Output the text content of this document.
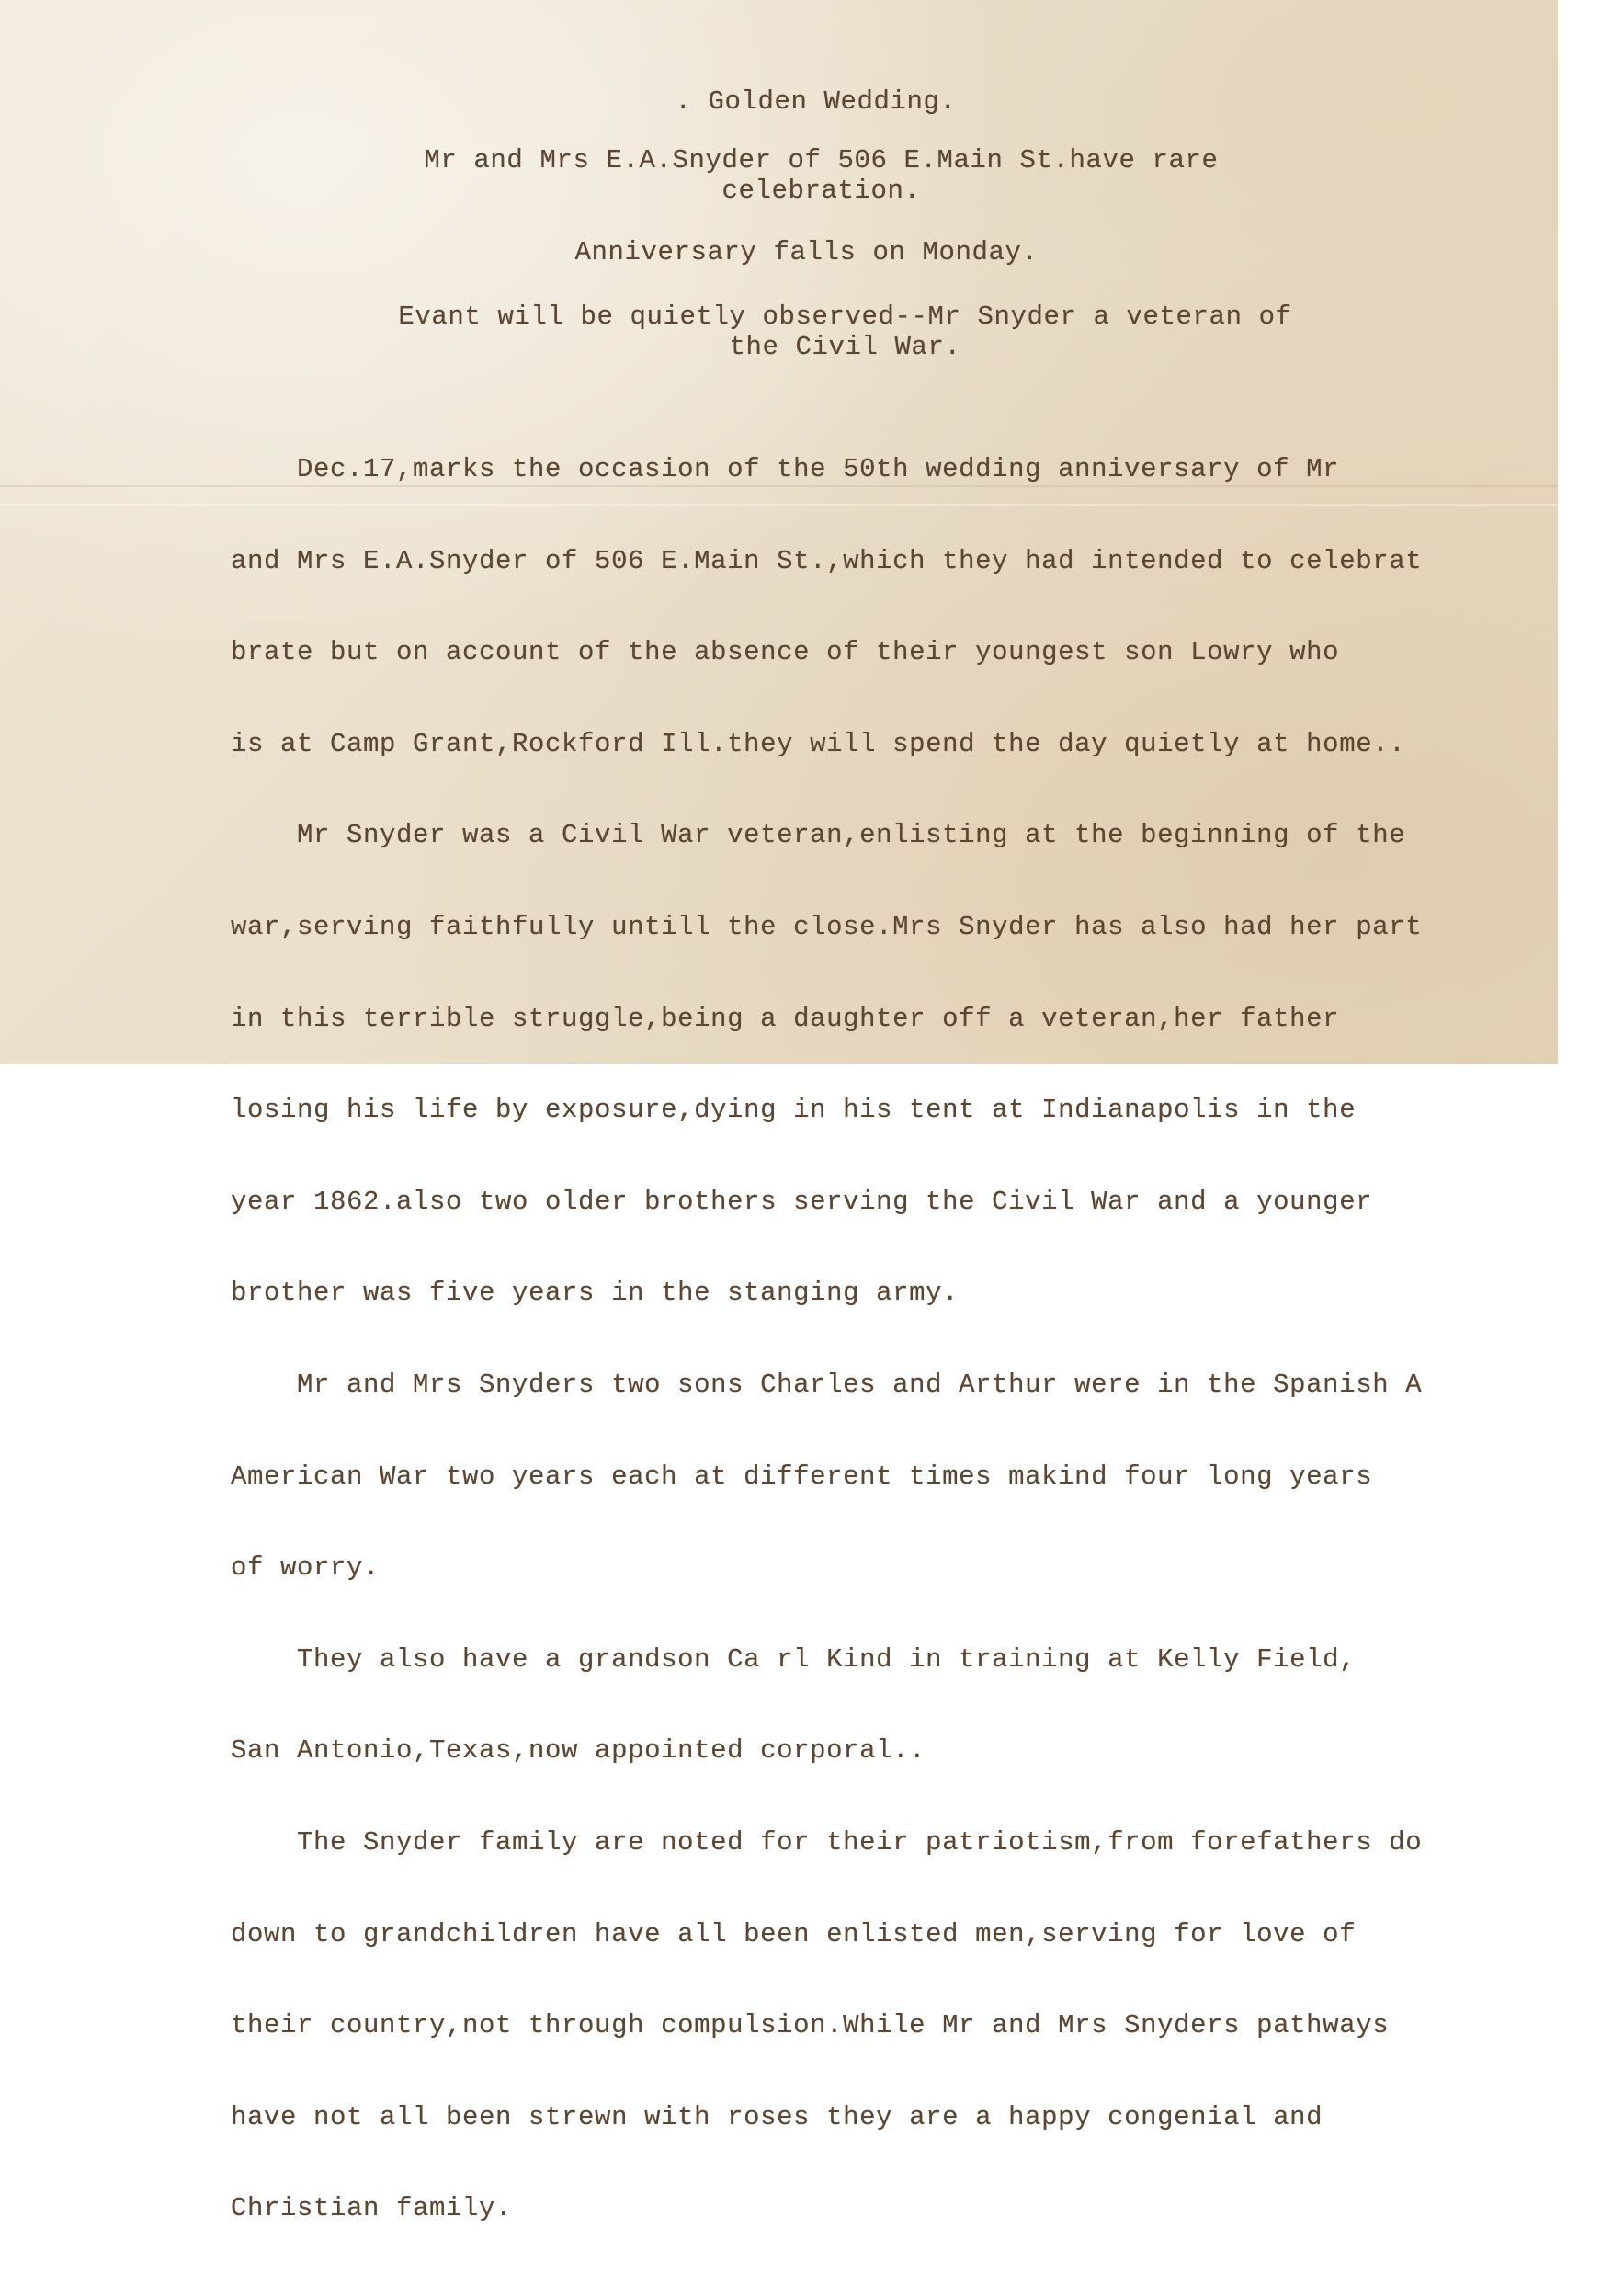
. Golden Wedding.
Mr and Mrs E.A.Snyder of 506 E.Main St.have rare
celebration.
Anniversary falls on Monday.
Evant will be quietly observed--Mr Snyder a veteran of
the Civil War.

Dec.17,marks the occasion of the 50th wedding anniversary of Mr

and Mrs E.A.Snyder of 506 E.Main St.,which they had intended to celebrat

brate but on account of the absence of their youngest son Lowry who

is at Camp Grant,Rockford Ill.they will spend the day quietly at home..

Mr Snyder was a Civil War veteran,enlisting at the beginning of the

war,serving faithfully untill the close.Mrs Snyder has also had her part

in this terrible struggle,being a daughter off a veteran,her father

losing his life by exposure,dying in his tent at Indianapolis in the

year 1862.also two older brothers serving the Civil War and a younger

brother was five years in the stanging army.

Mr and Mrs Snyders two sons Charles and Arthur were in the Spanish A

American War two years each at different times makind four long years

of worry.

They also have a grandson Ca rl Kind in training at Kelly Field,

San Antonio,Texas,now appointed corporal..

The Snyder family are noted for their patriotism,from forefathers do

down to grandchildren have all been enlisted men,serving for love of

their country,not through compulsion.While Mr and Mrs Snyders pathways

have not all been strewn with roses they are a happy congenial and

Christian family.
